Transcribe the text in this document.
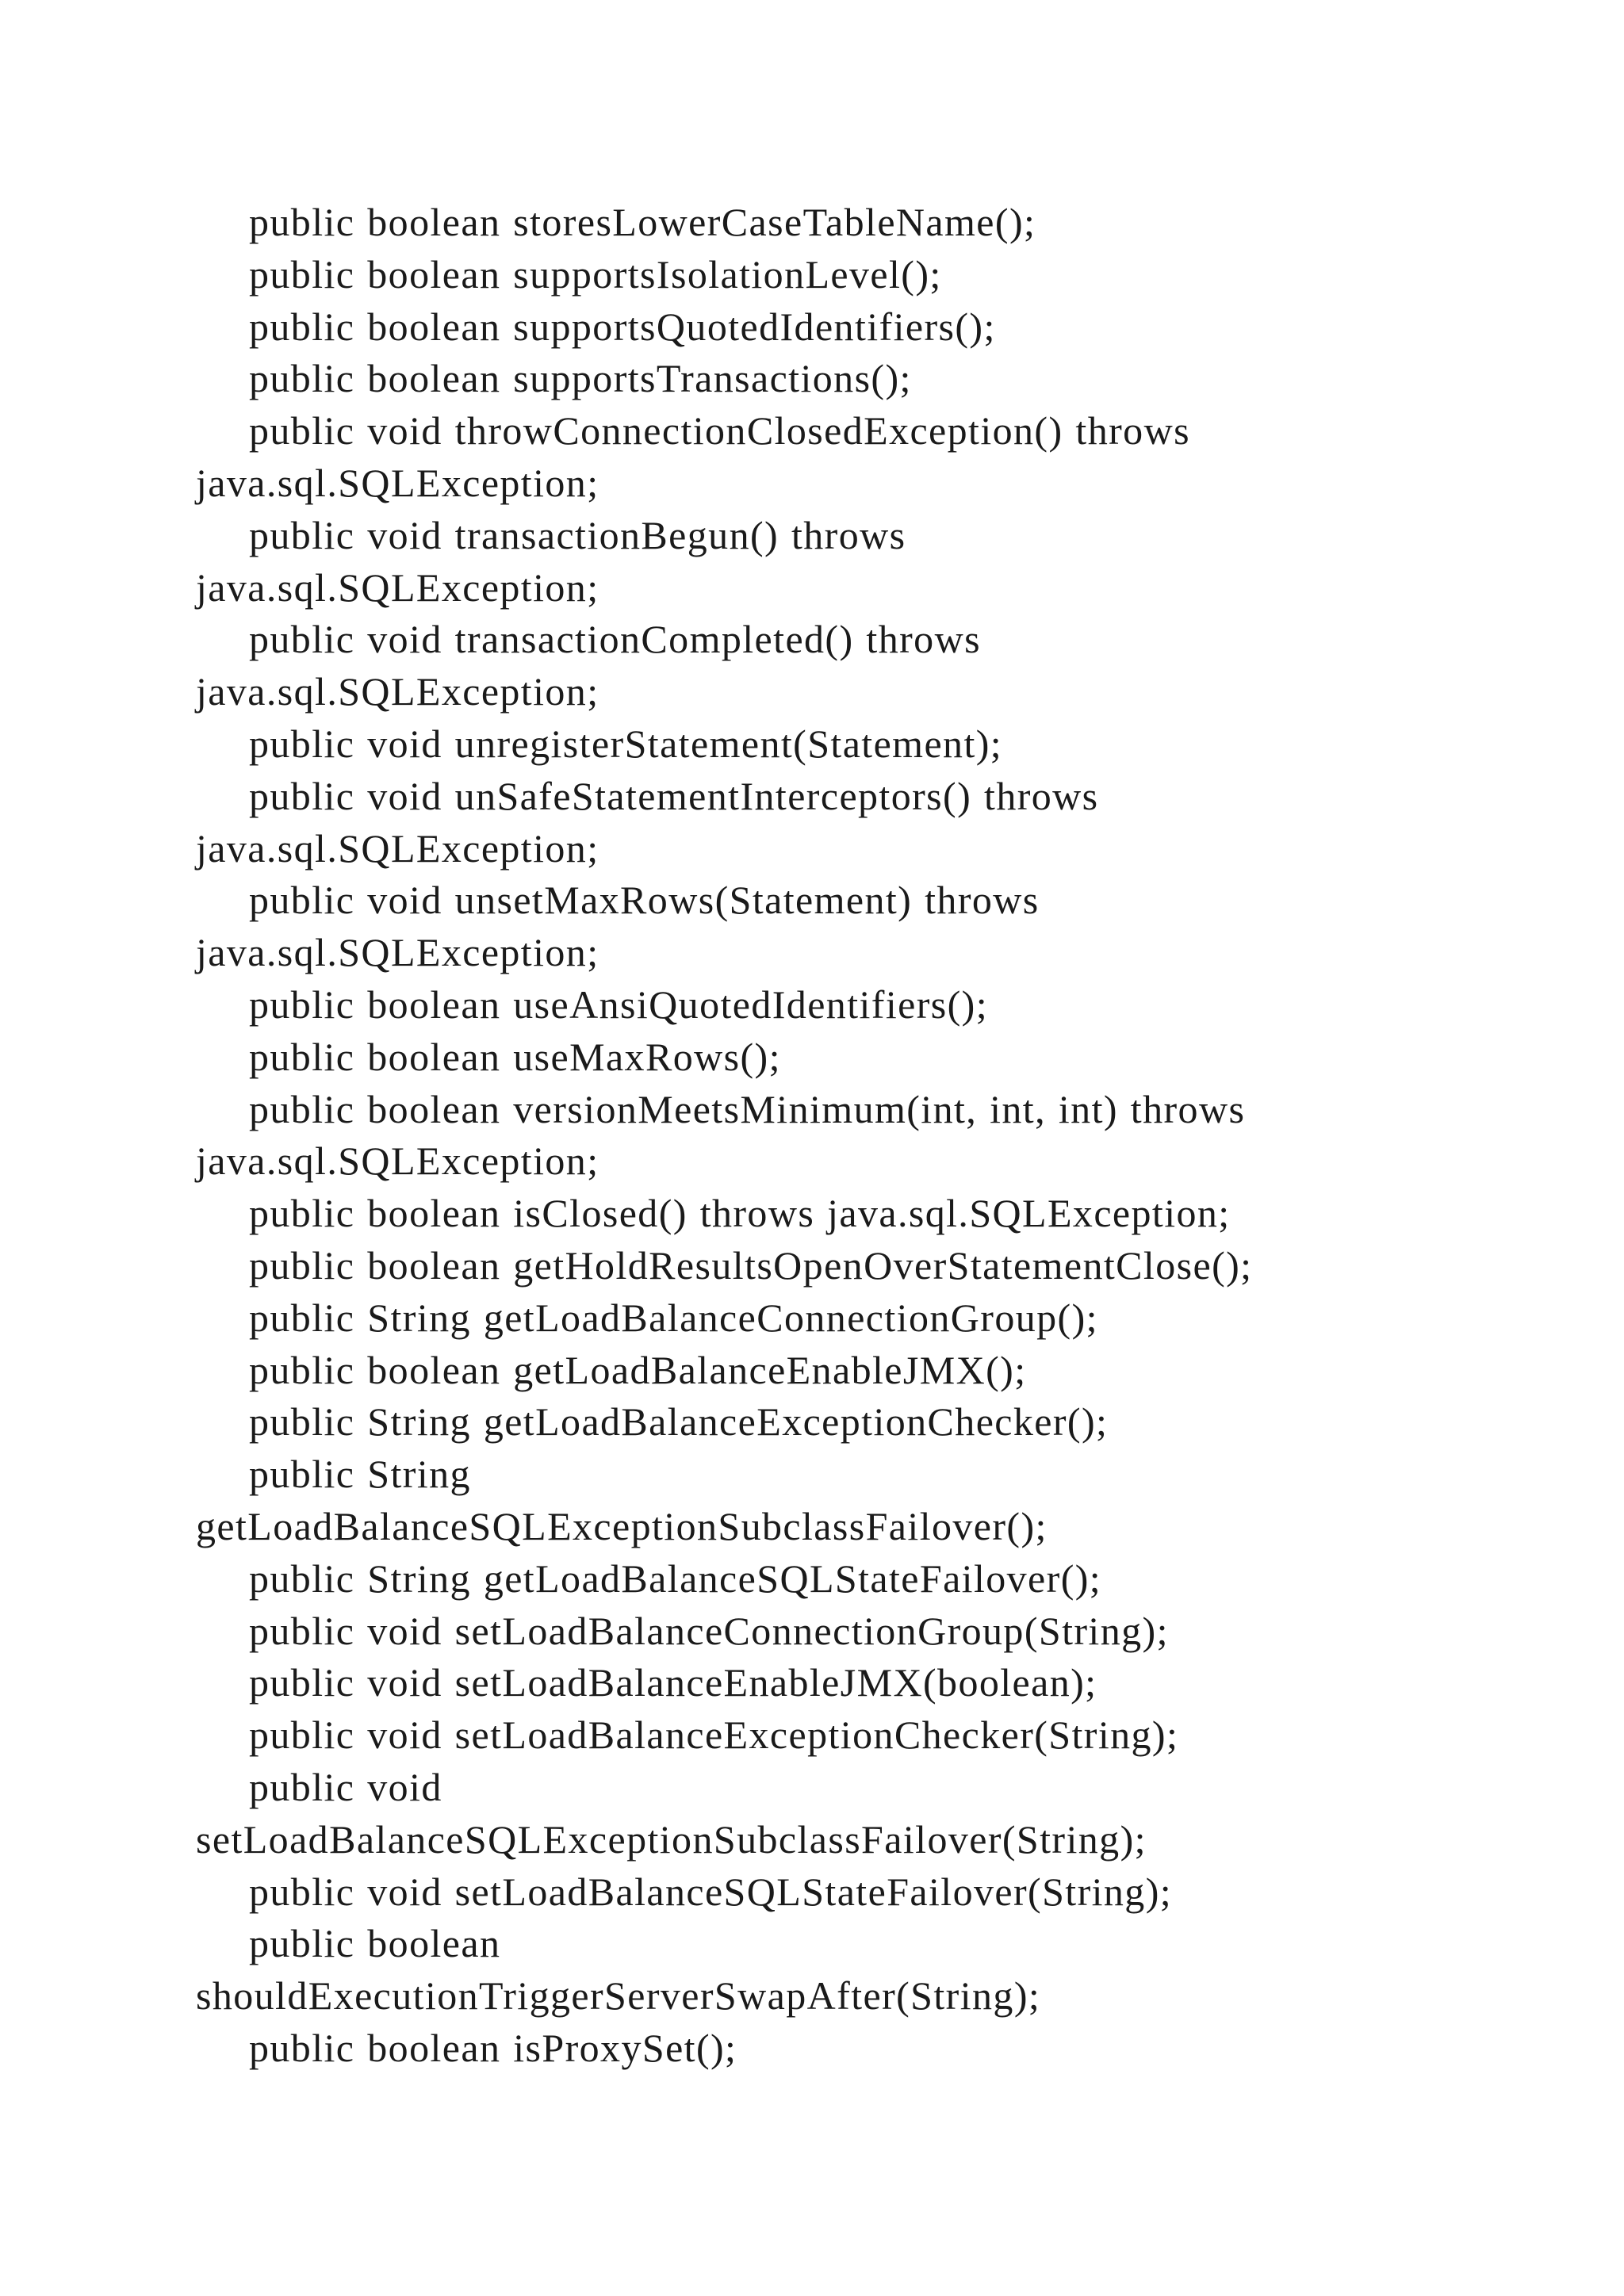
public boolean storesLowerCaseTableName();
public boolean supportsIsolationLevel();
public boolean supportsQuotedIdentifiers();
public boolean supportsTransactions();
public void throwConnectionClosedException() throws
java.sql.SQLException;
public void transactionBegun() throws
java.sql.SQLException;
public void transactionCompleted() throws
java.sql.SQLException;
public void unregisterStatement(Statement);
public void unSafeStatementInterceptors() throws
java.sql.SQLException;
public void unsetMaxRows(Statement) throws
java.sql.SQLException;
public boolean useAnsiQuotedIdentifiers();
public boolean useMaxRows();
public boolean versionMeetsMinimum(int, int, int) throws
java.sql.SQLException;
public boolean isClosed() throws java.sql.SQLException;
public boolean getHoldResultsOpenOverStatementClose();
public String getLoadBalanceConnectionGroup();
public boolean getLoadBalanceEnableJMX();
public String getLoadBalanceExceptionChecker();
public String
getLoadBalanceSQLExceptionSubclassFailover();
public String getLoadBalanceSQLStateFailover();
public void setLoadBalanceConnectionGroup(String);
public void setLoadBalanceEnableJMX(boolean);
public void setLoadBalanceExceptionChecker(String);
public void
setLoadBalanceSQLExceptionSubclassFailover(String);
public void setLoadBalanceSQLStateFailover(String);
public boolean
shouldExecutionTriggerServerSwapAfter(String);
public boolean isProxySet();
